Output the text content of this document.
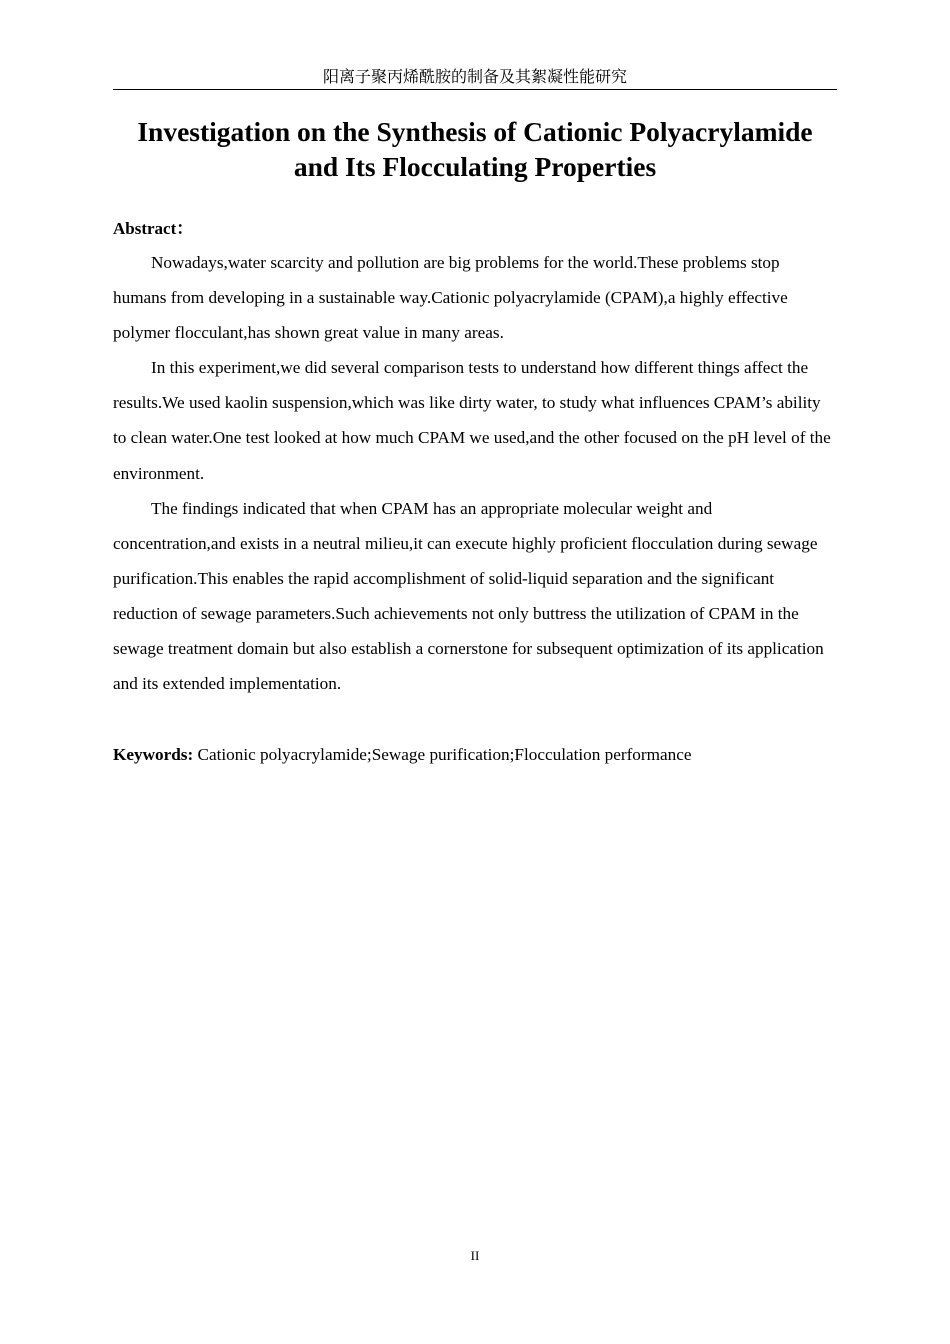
阳离子聚丙烯酰胺的制备及其絮凝性能研究
Investigation on the Synthesis of Cationic Polyacrylamide
and Its Flocculating Properties
Abstract：

Nowadays,water scarcity and pollution are big problems for the world.These problems stop humans from developing in a sustainable way.Cationic polyacrylamide (CPAM),a highly effective polymer flocculant,has shown great value in many areas.

In this experiment,we did several comparison tests to understand how different things affect the results.We used kaolin suspension,which was like dirty water, to study what influences CPAM’s ability to clean water.One test looked at how much CPAM we used,and the other focused on the pH level of the environment.

The findings indicated that when CPAM has an appropriate molecular weight and concentration,and exists in a neutral milieu,it can execute highly proficient flocculation during sewage purification.This enables the rapid accomplishment of solid-liquid separation and the significant reduction of sewage parameters.Such achievements not only buttress the utilization of CPAM in the sewage treatment domain but also establish a cornerstone for subsequent optimization of its application and its extended implementation.

Keywords: Cationic polyacrylamide;Sewage purification;Flocculation performance

II
